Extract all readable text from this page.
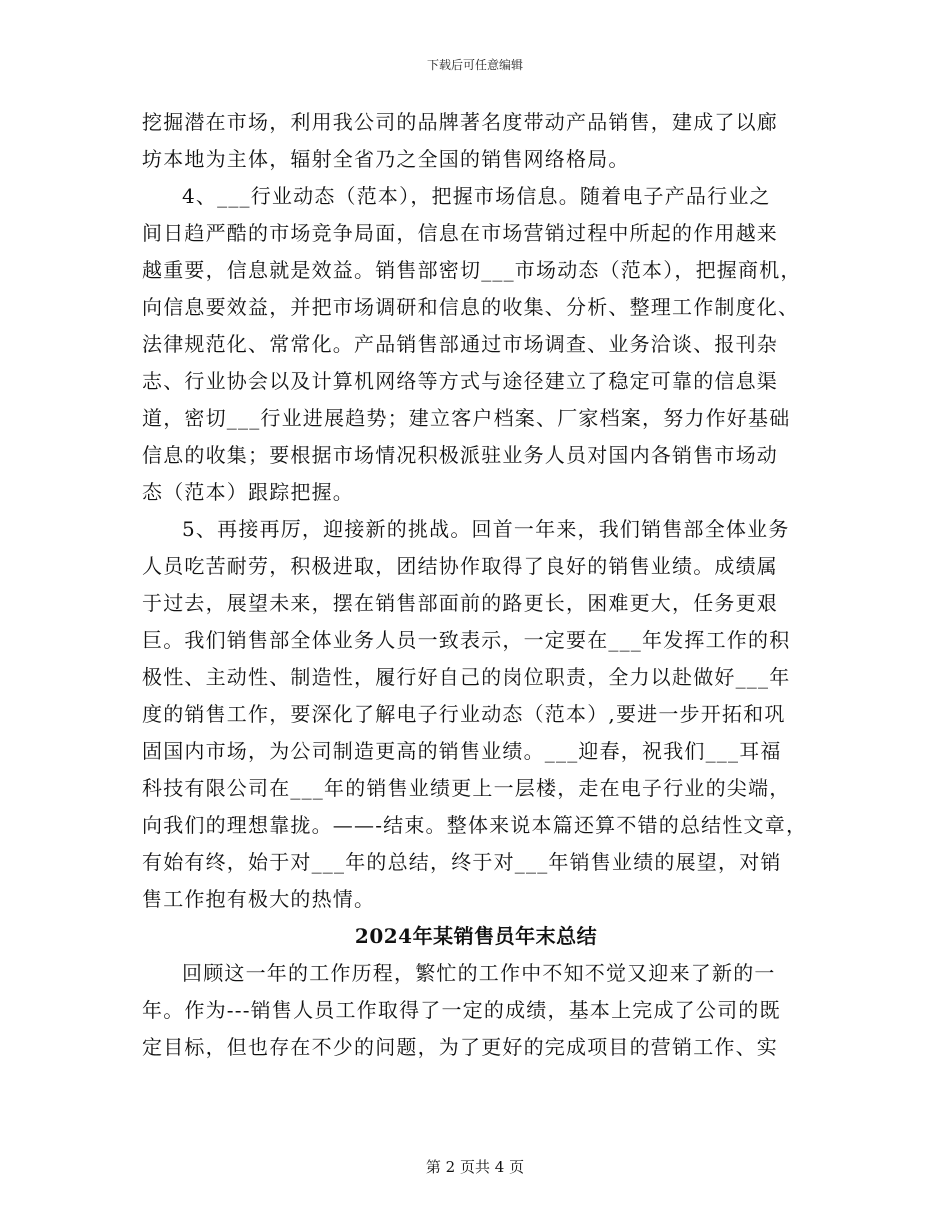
下载后可任意编辑
挖掘潜在市场，利用我公司的品牌著名度带动产品销售，建成了以廊
坊本地为主体，辐射全省乃之全国的销售网络格局。
4、___行业动态（范本），把握市场信息。随着电子产品行业之
间日趋严酷的市场竞争局面，信息在市场营销过程中所起的作用越来
越重要，信息就是效益。销售部密切___市场动态（范本），把握商机，
向信息要效益，并把市场调研和信息的收集、分析、整理工作制度化、
法律规范化、常常化。产品销售部通过市场调查、业务洽谈、报刊杂
志、行业协会以及计算机网络等方式与途径建立了稳定可靠的信息渠
道，密切___行业进展趋势；建立客户档案、厂家档案，努力作好基础
信息的收集；要根据市场情况积极派驻业务人员对国内各销售市场动
态（范本）跟踪把握。
5、再接再厉，迎接新的挑战。回首一年来，我们销售部全体业务
人员吃苦耐劳，积极进取，团结协作取得了良好的销售业绩。成绩属
于过去，展望未来，摆在销售部面前的路更长，困难更大，任务更艰
巨。我们销售部全体业务人员一致表示，一定要在___年发挥工作的积
极性、主动性、制造性，履行好自己的岗位职责，全力以赴做好___年
度的销售工作，要深化了解电子行业动态（范本）,要进一步开拓和巩
固国内市场，为公司制造更高的销售业绩。___迎春，祝我们___耳福
科技有限公司在___年的销售业绩更上一层楼，走在电子行业的尖端，
向我们的理想靠拢。——-结束。整体来说本篇还算不错的总结性文章，
有始有终，始于对___年的总结，终于对___年销售业绩的展望，对销
售工作抱有极大的热情。
2024年某销售员年末总结
回顾这一年的工作历程，繁忙的工作中不知不觉又迎来了新的一
年。作为---销售人员工作取得了一定的成绩，基本上完成了公司的既
定目标，但也存在不少的问题，为了更好的完成项目的营销工作、实
第 2 页共 4 页
